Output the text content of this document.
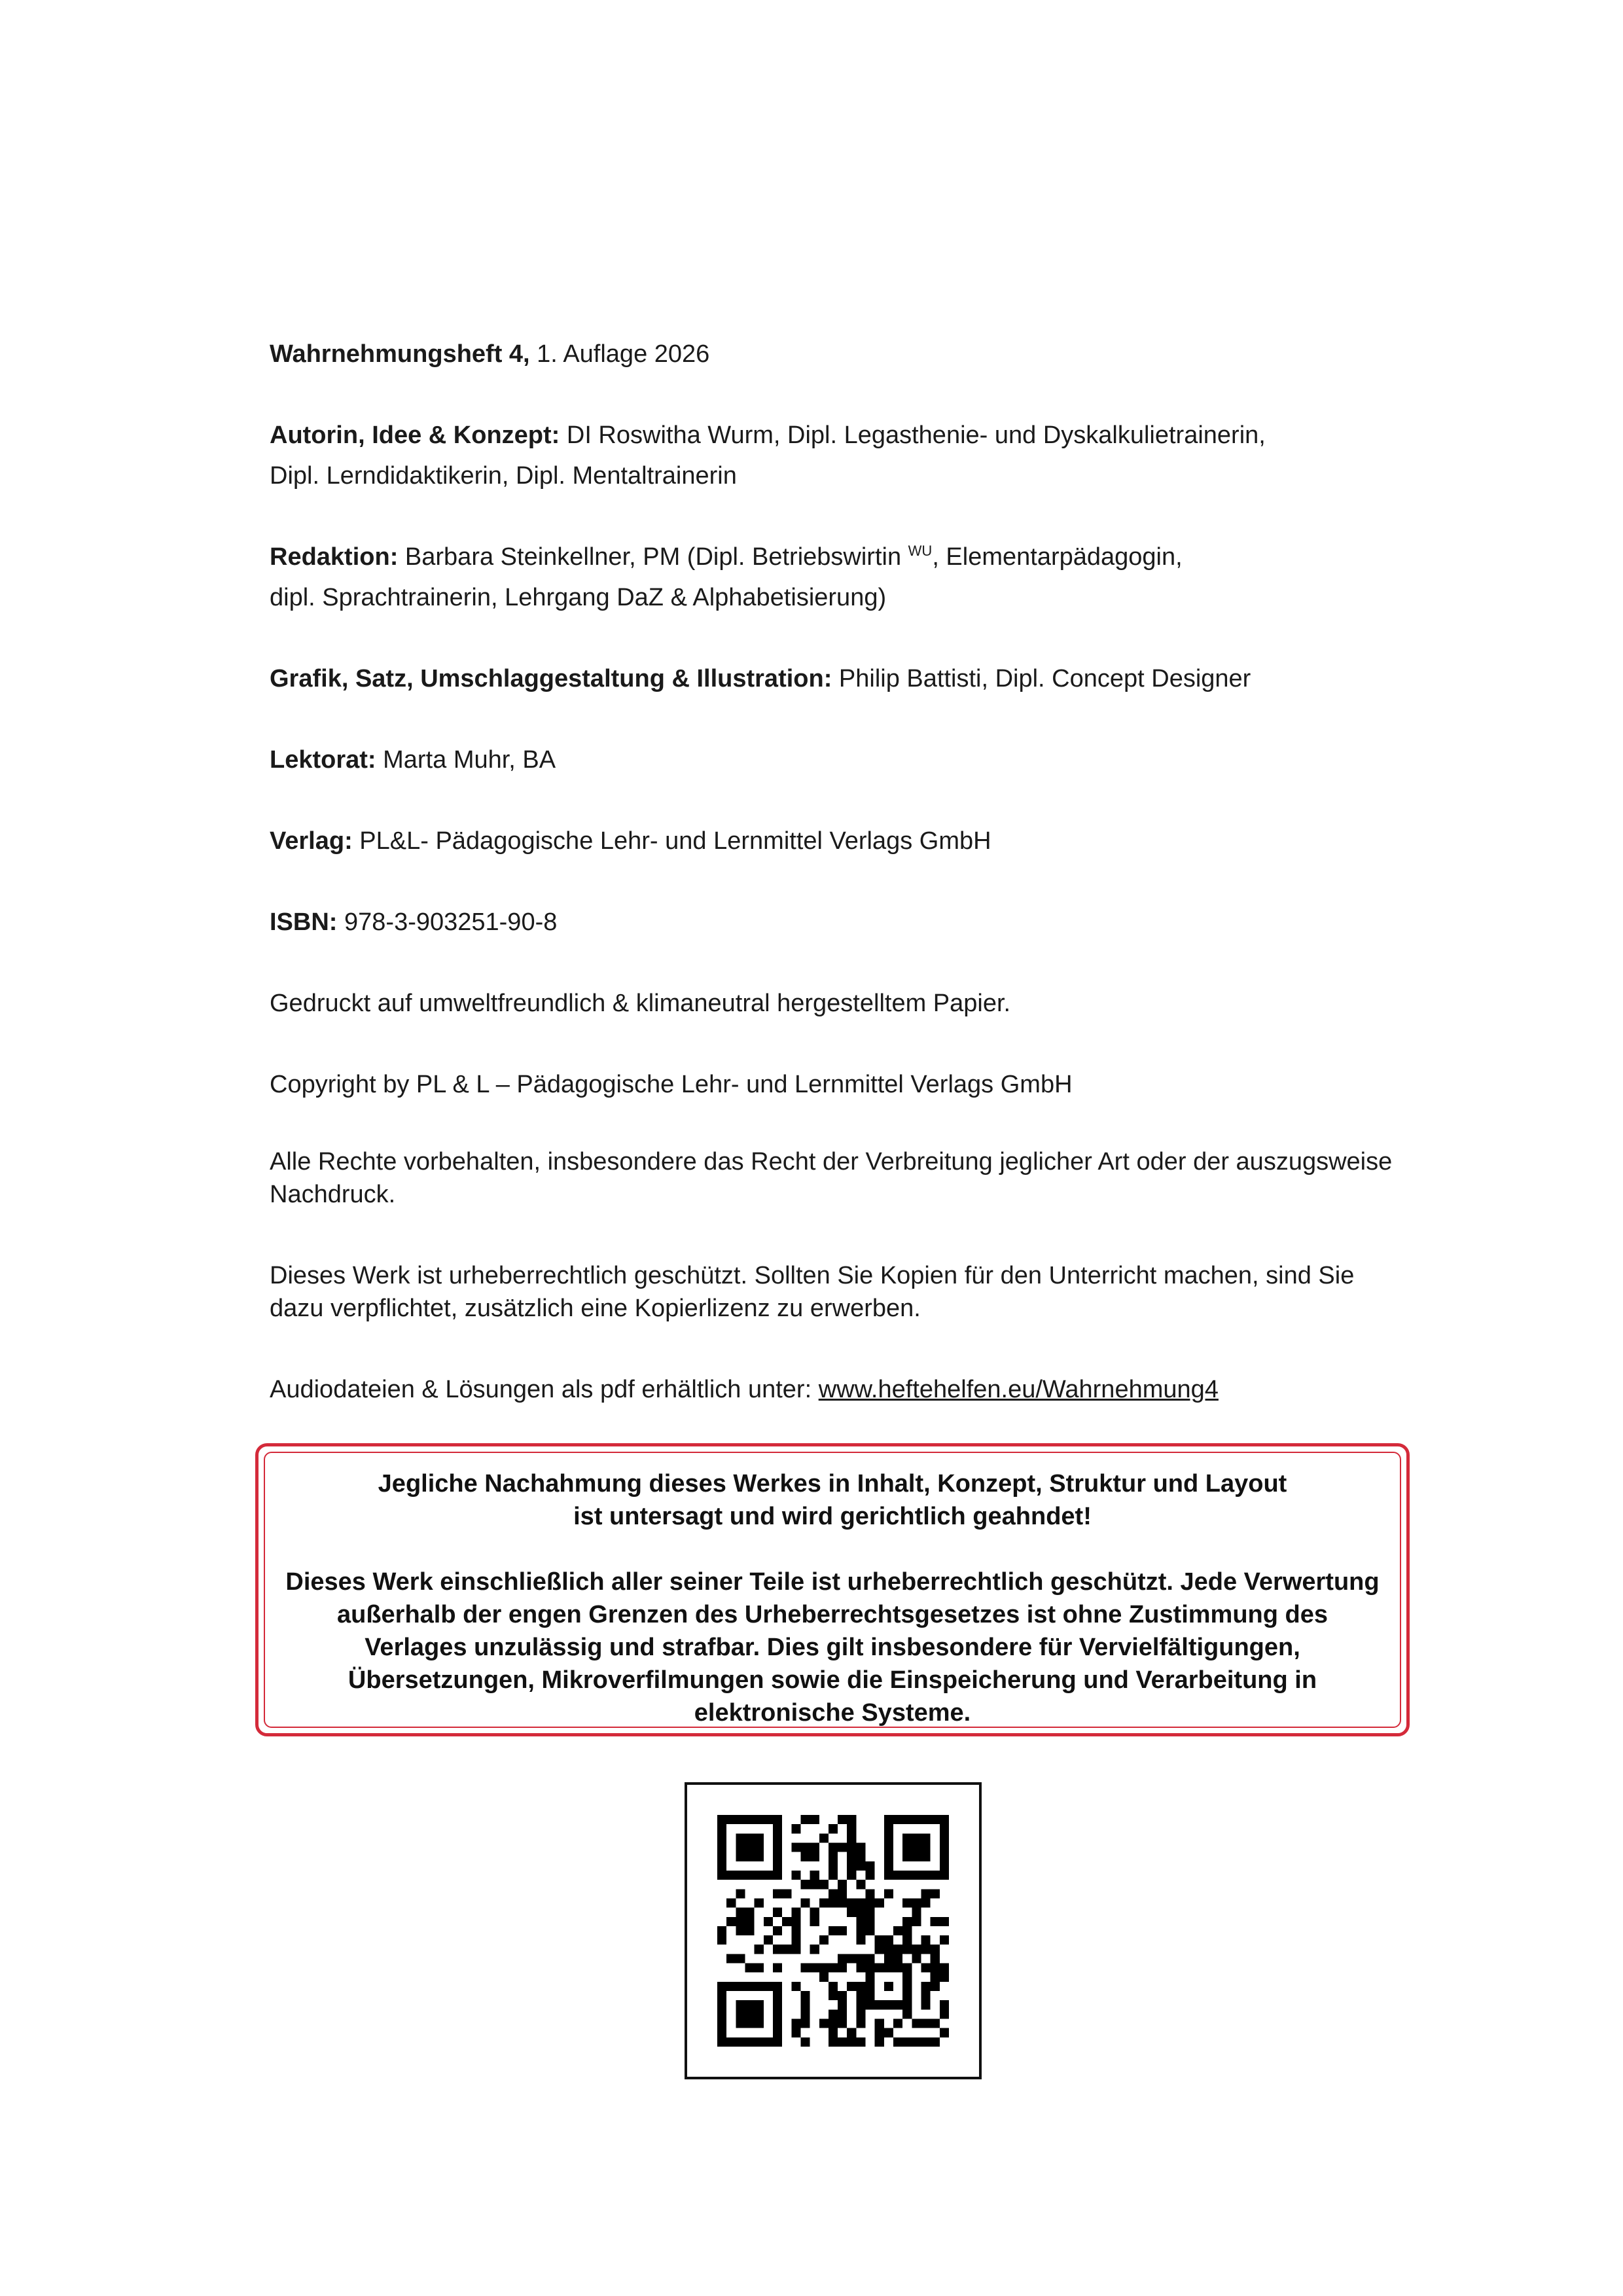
Wahrnehmungsheft 4, 1. Auflage 2026

Autorin, Idee & Konzept: DI Roswitha Wurm, Dipl. Legasthenie- und Dyskalkulietrainerin,
Dipl. Lerndidaktikerin, Dipl. Mentaltrainerin

Redaktion: Barbara Steinkellner, PM (Dipl. Betriebswirtin $^{WU}$, Elementarpädagogin,
dipl. Sprachtrainerin, Lehrgang DaZ & Alphabetisierung)

Grafik, Satz, Umschlaggestaltung & Illustration: Philip Battisti, Dipl. Concept Designer

Lektorat: Marta Muhr, BA

Verlag: PL&L- Pädagogische Lehr- und Lernmittel Verlags GmbH

ISBN: 978-3-903251-90-8

Gedruckt auf umweltfreundlich & klimaneutral hergestelltem Papier.

Copyright by PL & L – Pädagogische Lehr- und Lernmittel Verlags GmbH

Alle Rechte vorbehalten, insbesondere das Recht der Verbreitung jeglicher Art oder der auszugsweise Nachdruck.

Dieses Werk ist urheberrechtlich geschützt. Sollten Sie Kopien für den Unterricht machen, sind Sie dazu verpflichtet, zusätzlich eine Kopierlizenz zu erwerben.

Audiodateien & Lösungen als pdf erhältlich unter: www.heftehelfen.eu/Wahrnehmung4

Jegliche Nachahmung dieses Werkes in Inhalt, Konzept, Struktur und Layout ist untersagt und wird gerichtlich geahndet!

Dieses Werk einschließlich aller seiner Teile ist urheberrechtlich geschützt. Jede Verwertung außerhalb der engen Grenzen des Urheberrechtsgesetzes ist ohne Zustimmung des Verlages unzulässig und strafbar. Dies gilt insbesondere für Vervielfältigungen, Übersetzungen, Mikroverfilmungen sowie die Einspeicherung und Verarbeitung in elektronische Systeme.
